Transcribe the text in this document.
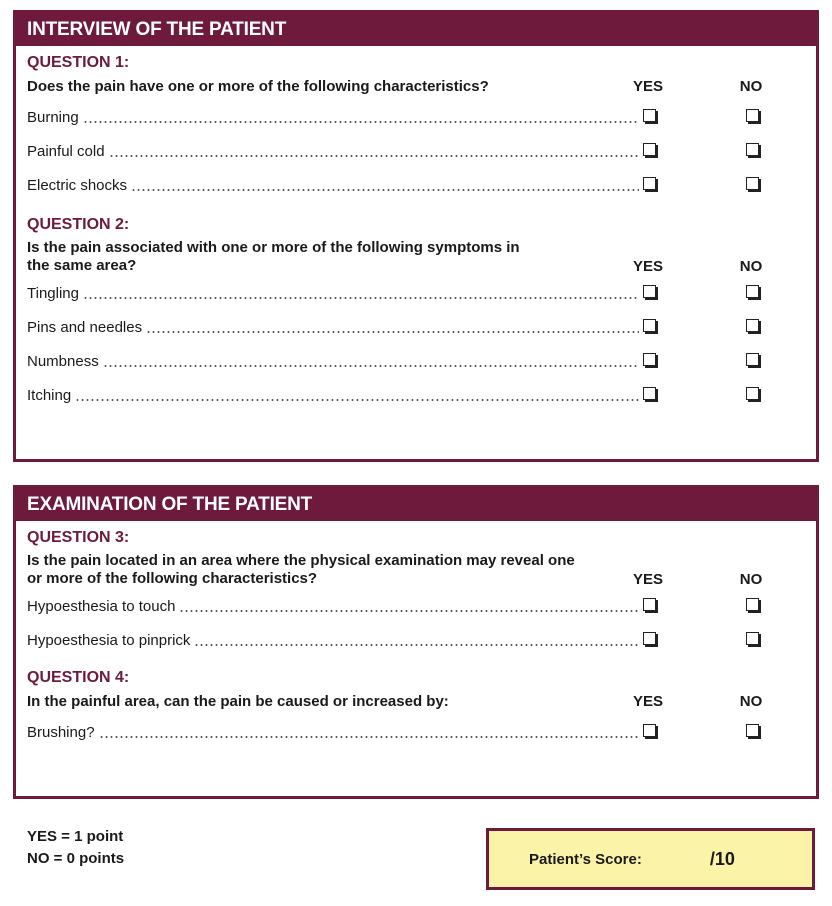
INTERVIEW OF THE PATIENT
QUESTION 1:
Does the pain have one or more of the following characteristics?	YES	NO
Burning
Painful cold
Electric shocks
QUESTION 2:
Is the pain associated with one or more of the following symptoms in the same area?	YES	NO
Tingling
Pins and needles
Numbness
Itching
EXAMINATION OF THE PATIENT
QUESTION 3:
Is the pain located in an area where the physical examination may reveal one or more of the following characteristics?	YES	NO
Hypoesthesia to touch
Hypoesthesia to pinprick
QUESTION 4:
In the painful area, can the pain be caused or increased by:	YES	NO
Brushing?
YES = 1 point
NO = 0 points	Patient’s Score:	/10
